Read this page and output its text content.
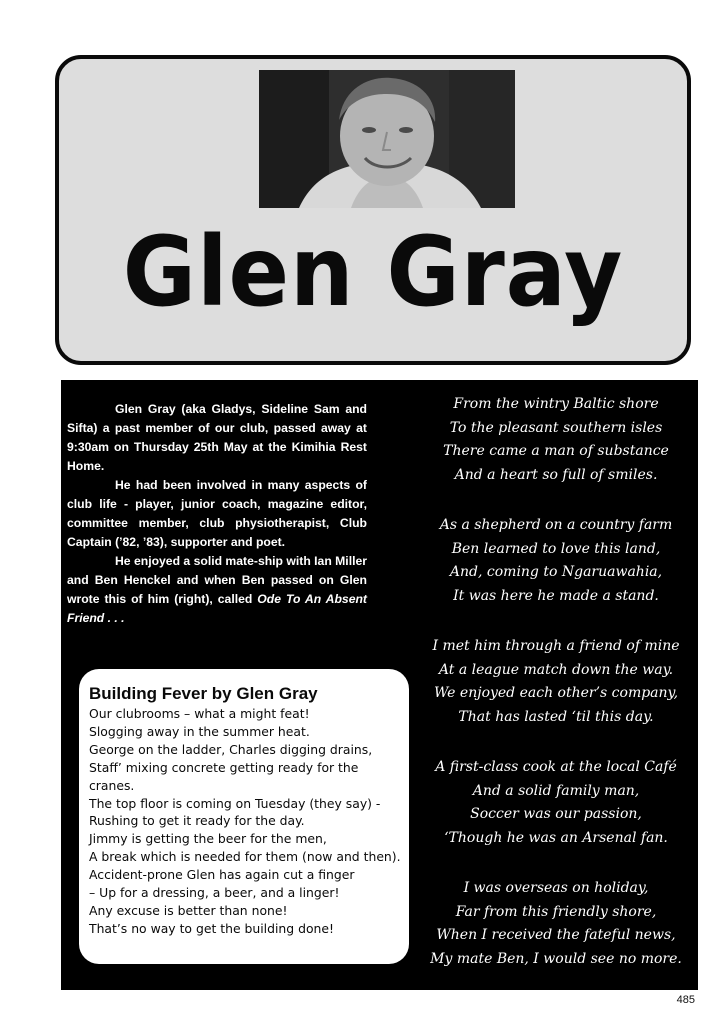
Glen Gray

Glen Gray (aka Gladys, Sideline Sam and Sifta) a past member of our club, passed away at 9:30am on Thursday 25th May at the Kimihia Rest Home.

He had been involved in many aspects of club life - player, junior coach, magazine editor, committee member, club physiotherapist, Club Captain (’82, ’83), supporter and poet.

He enjoyed a solid mate-ship with Ian Miller and Ben Henckel and when Ben passed on Glen wrote this of him (right), called Ode To An Absent Friend . . .

Building Fever by Glen Gray
Our clubrooms – what a might feat!
Slogging away in the summer heat.
George on the ladder, Charles digging drains,
Staff’ mixing concrete getting ready for the
cranes.
The top floor is coming on Tuesday (they say) -
Rushing to get it ready for the day.
Jimmy is getting the beer for the men,
A break which is needed for them (now and then).
Accident-prone Glen has again cut a finger
– Up for a dressing, a beer, and a linger!
Any excuse is better than none!
That’s no way to get the building done!
From the wintry Baltic shore
To the pleasant southern isles
There came a man of substance
And a heart so full of smiles.
As a shepherd on a country farm
Ben learned to love this land,
And, coming to Ngaruawahia,
It was here he made a stand.
I met him through a friend of mine
At a league match down the way.
We enjoyed each other’s company,
That has lasted ‘til this day.
A first-class cook at the local Café
And a solid family man,
Soccer was our passion,
‘Though he was an Arsenal fan.
I was overseas on holiday,
Far from this friendly shore,
When I received the fateful news,
My mate Ben, I would see no more.
485
